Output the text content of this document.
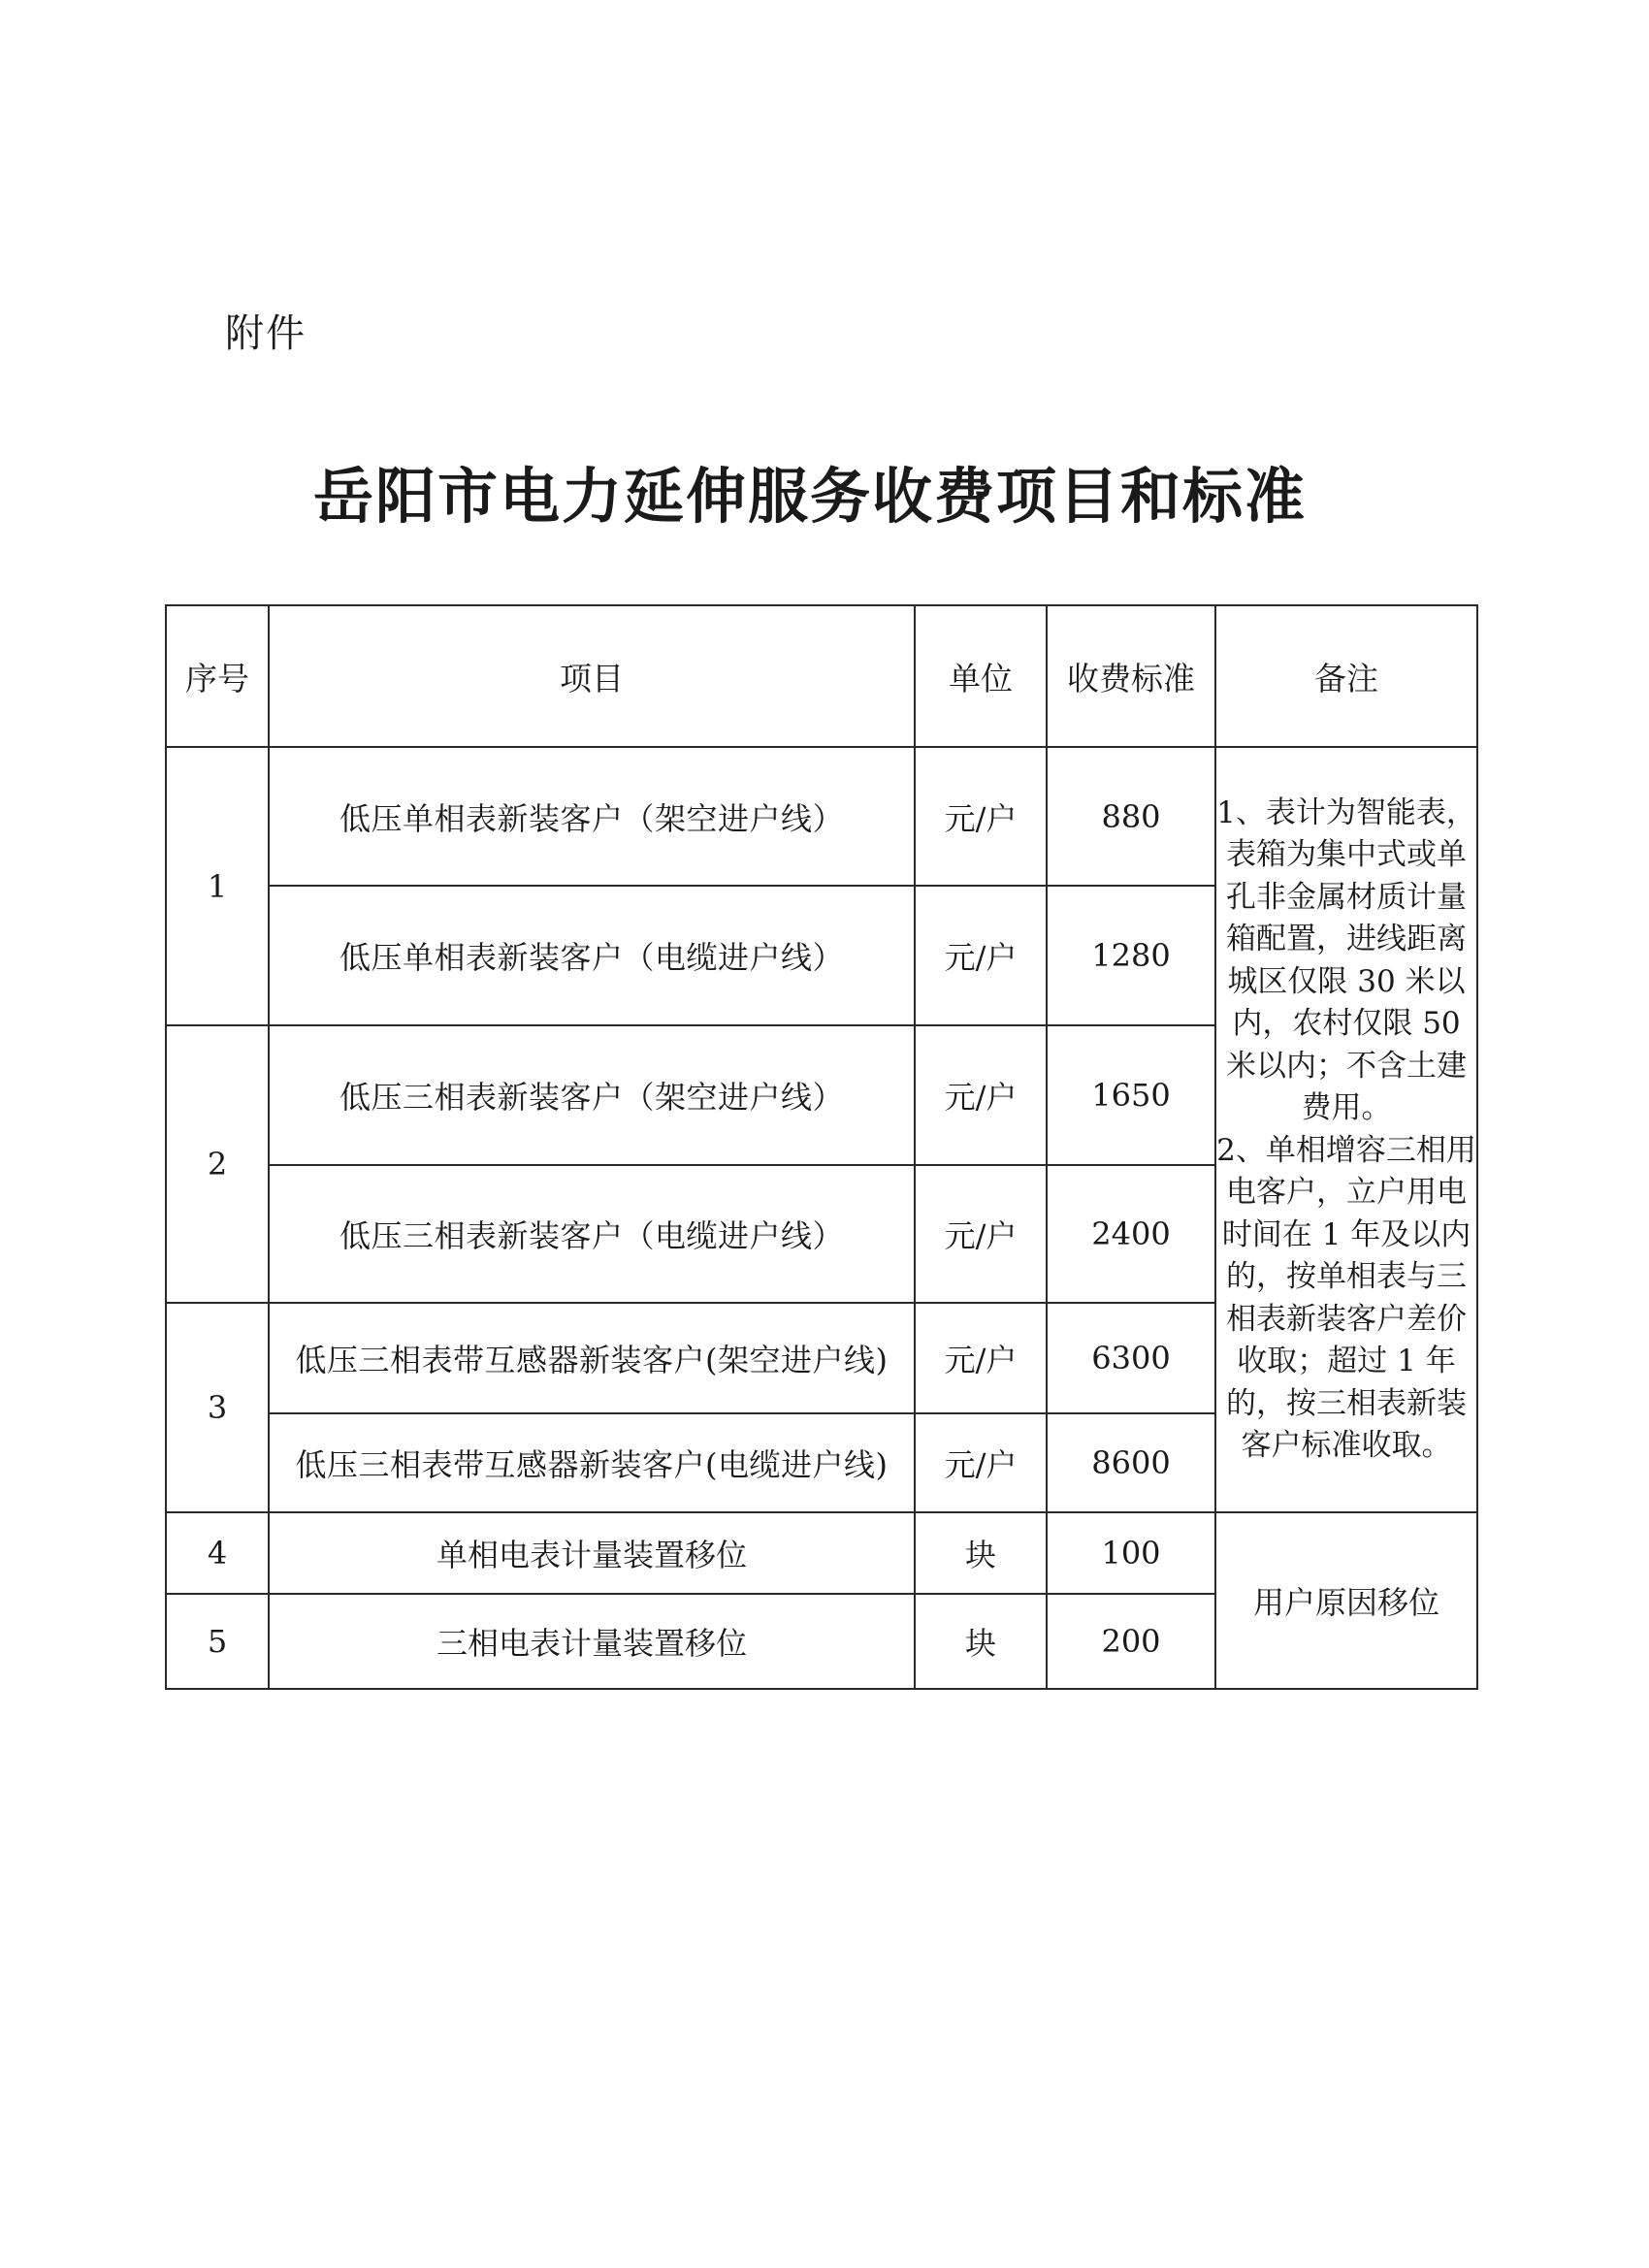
附件
岳阳市电力延伸服务收费项目和标准
序号	项目	单位	收费标准	备注
1	低压单相表新装客户（架空进户线）	元/户	880	1、表计为智能表，表箱为集中式或单孔非金属材质计量箱配置，进线距离城区仅限 30 米以内，农村仅限 50 米以内；不含土建费用。

2、单相增容三相用电客户，立户用电时间在 1 年及以内的，按单相表与三相表新装客户差价收取；超过 1 年的，按三相表新装客户标准收取。

	低压单相表新装客户（电缆进户线）	元/户	1280	
2	低压三相表新装客户（架空进户线）	元/户	1650	
	低压三相表新装客户（电缆进户线）	元/户	2400	
3	低压三相表带互感器新装客户(架空进户线)	元/户	6300	
	低压三相表带互感器新装客户(电缆进户线)	元/户	8600	
4	单相电表计量装置移位	块	100	用户原因移位
5	三相电表计量装置移位	块	200	
